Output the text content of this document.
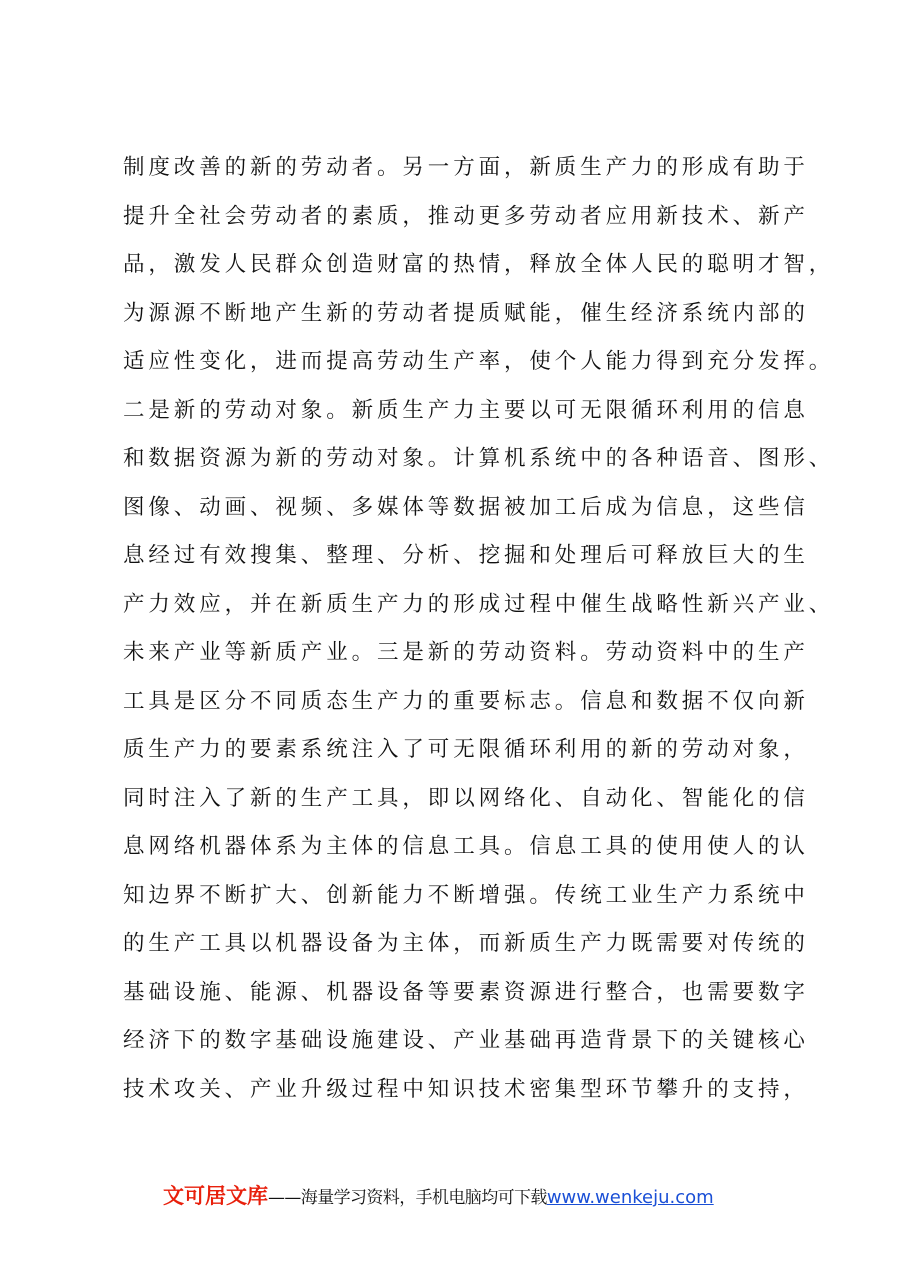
制度改善的新的劳动者。另一方面，新质生产力的形成有助于
提升全社会劳动者的素质，推动更多劳动者应用新技术、新产
品，激发人民群众创造财富的热情，释放全体人民的聪明才智，
为源源不断地产生新的劳动者提质赋能，催生经济系统内部的
适应性变化，进而提高劳动生产率，使个人能力得到充分发挥。
二是新的劳动对象。新质生产力主要以可无限循环利用的信息
和数据资源为新的劳动对象。计算机系统中的各种语音、图形、
图像、动画、视频、多媒体等数据被加工后成为信息，这些信
息经过有效搜集、整理、分析、挖掘和处理后可释放巨大的生
产力效应，并在新质生产力的形成过程中催生战略性新兴产业、
未来产业等新质产业。三是新的劳动资料。劳动资料中的生产
工具是区分不同质态生产力的重要标志。信息和数据不仅向新
质生产力的要素系统注入了可无限循环利用的新的劳动对象，
同时注入了新的生产工具，即以网络化、自动化、智能化的信
息网络机器体系为主体的信息工具。信息工具的使用使人的认
知边界不断扩大、创新能力不断增强。传统工业生产力系统中
的生产工具以机器设备为主体，而新质生产力既需要对传统的
基础设施、能源、机器设备等要素资源进行整合，也需要数字
经济下的数字基础设施建设、产业基础再造背景下的关键核心
技术攻关、产业升级过程中知识技术密集型环节攀升的支持，
文可居文库——海量学习资料，手机电脑均可下载www.wenkeju.com
